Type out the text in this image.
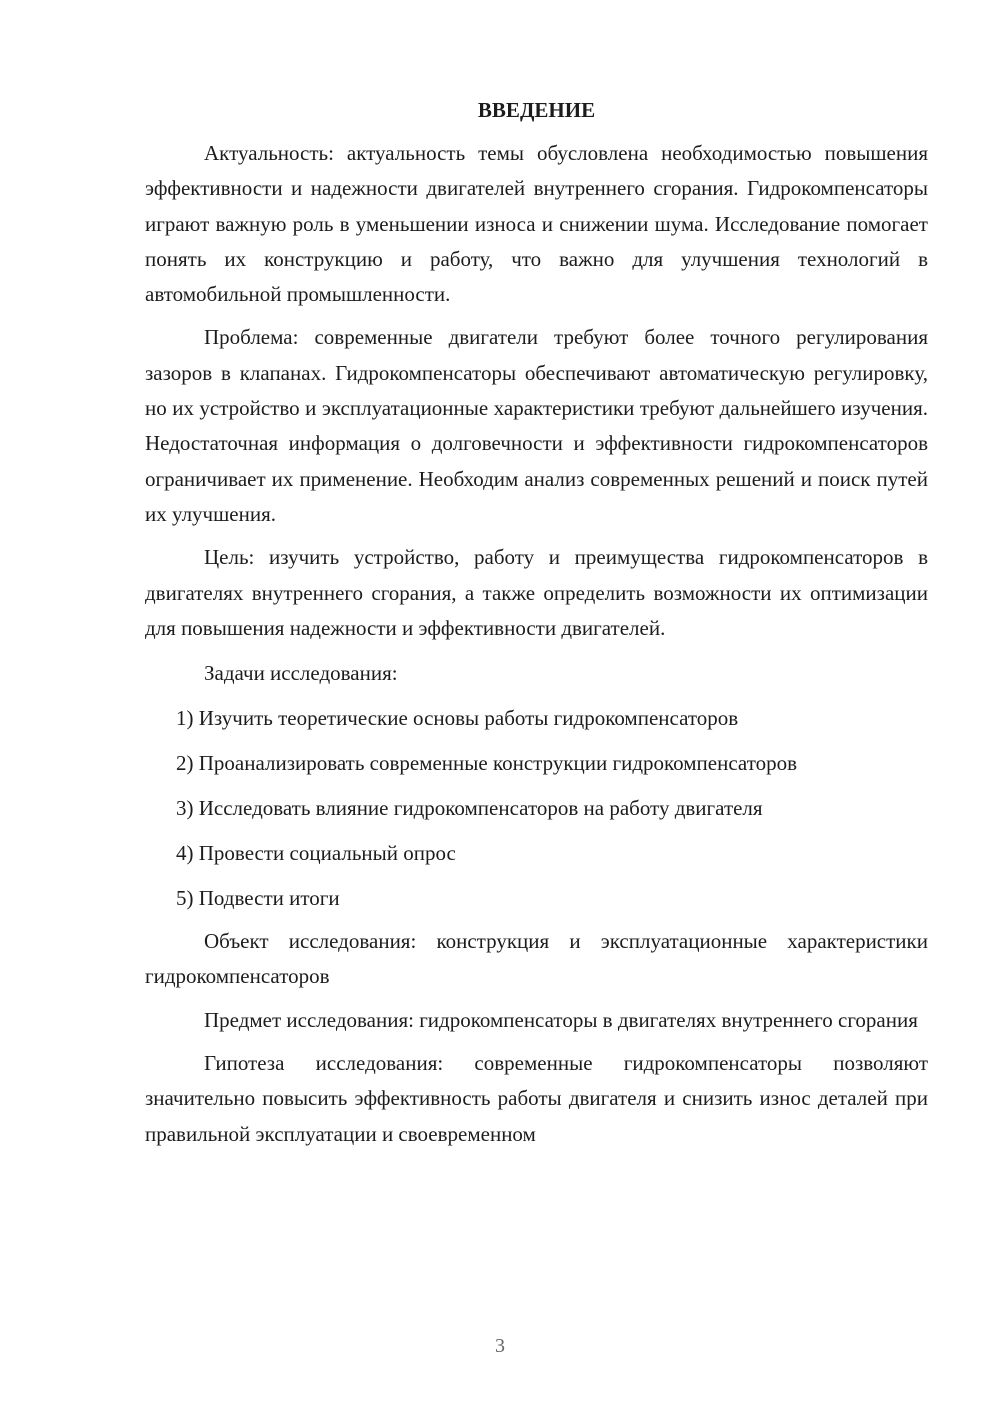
ВВЕДЕНИЕ

Актуальность: актуальность темы обусловлена необходимостью повышения эффективности и надежности двигателей внутреннего сгорания. Гидрокомпенсаторы играют важную роль в уменьшении износа и снижении шума. Исследование помогает понять их конструкцию и работу, что важно для улучшения технологий в автомобильной промышленности.

Проблема: современные двигатели требуют более точного регулирования зазоров в клапанах. Гидрокомпенсаторы обеспечивают автоматическую регулировку, но их устройство и эксплуатационные характеристики требуют дальнейшего изучения. Недостаточная информация о долговечности и эффективности гидрокомпенсаторов ограничивает их применение. Необходим анализ современных решений и поиск путей их улучшения.

Цель: изучить устройство, работу и преимущества гидрокомпенсаторов в двигателях внутреннего сгорания, а также определить возможности их оптимизации для повышения надежности и эффективности двигателей.

Задачи исследования:

1) Изучить теоретические основы работы гидрокомпенсаторов

2) Проанализировать современные конструкции гидрокомпенсаторов

3) Исследовать влияние гидрокомпенсаторов на работу двигателя

4) Провести социальный опрос

5) Подвести итоги

Объект исследования: конструкция и эксплуатационные характеристики гидрокомпенсаторов

Предмет исследования: гидрокомпенсаторы в двигателях внутреннего сгорания

Гипотеза исследования: современные гидрокомпенсаторы позволяют значительно повысить эффективность работы двигателя и снизить износ деталей при правильной эксплуатации и своевременном

3
